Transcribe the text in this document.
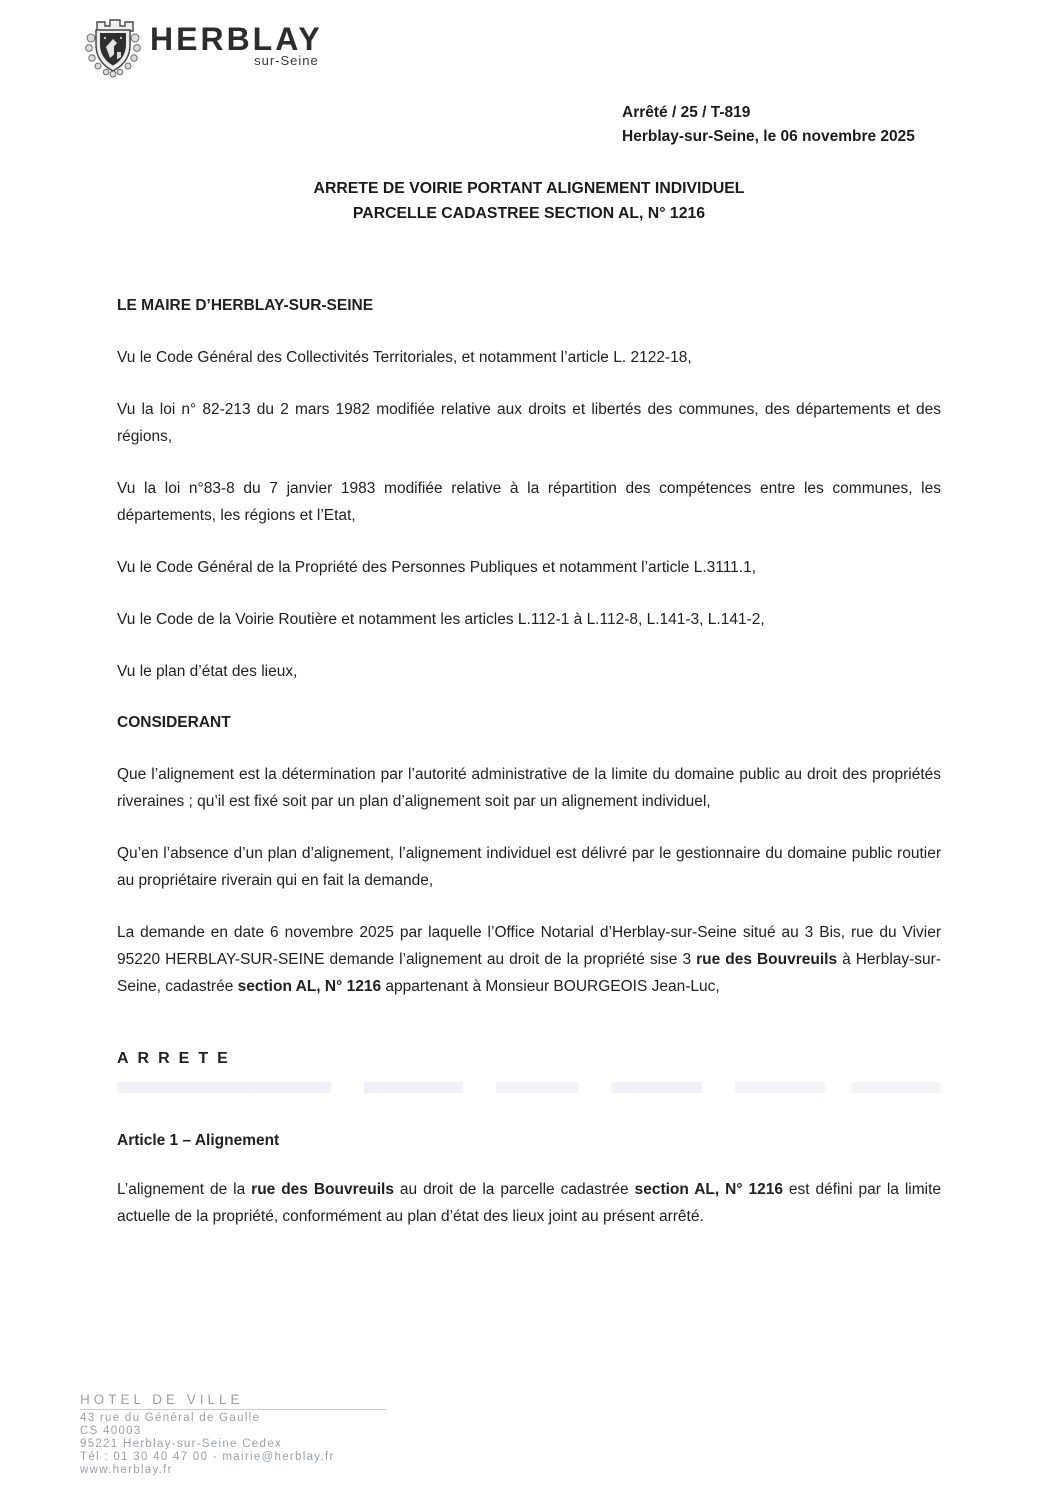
HERBLAY
sur-Seine
Arrêté / 25 / T-819
Herblay-sur-Seine, le 06 novembre 2025
ARRETE DE VOIRIE PORTANT ALIGNEMENT INDIVIDUEL
PARCELLE CADASTREE SECTION AL, N° 1216

LE MAIRE D’HERBLAY-SUR-SEINE

Vu le Code Général des Collectivités Territoriales, et notamment l’article L. 2122-18,

Vu la loi n° 82-213 du 2 mars 1982 modifiée relative aux droits et libertés des communes, des départements et des régions,

Vu la loi n°83-8 du 7 janvier 1983 modifiée relative à la répartition des compétences entre les communes, les départements, les régions et l’Etat,

Vu le Code Général de la Propriété des Personnes Publiques et notamment l’article L.3111.1,

Vu le Code de la Voirie Routière et notamment les articles L.112-1 à L.112-8, L.141-3, L.141-2,

Vu le plan d’état des lieux,

CONSIDERANT

Que l’alignement est la détermination par l’autorité administrative de la limite du domaine public au droit des propriétés riveraines ; qu’il est fixé soit par un plan d’alignement soit par un alignement individuel,

Qu’en l’absence d’un plan d’alignement, l’alignement individuel est délivré par le gestionnaire du domaine public routier au propriétaire riverain qui en fait la demande,

La demande en date 6 novembre 2025 par laquelle l’Office Notarial d’Herblay-sur-Seine situé au 3 Bis, rue du Vivier 95220 HERBLAY-SUR-SEINE demande l’alignement au droit de la propriété sise 3 rue des Bouvreuils à Herblay-sur-Seine, cadastrée section AL, N° 1216 appartenant à Monsieur BOURGEOIS Jean-Luc,

ARRETE

Article 1 – Alignement

L’alignement de la rue des Bouvreuils au droit de la parcelle cadastrée section AL, N° 1216 est défini par la limite actuelle de la propriété, conformément au plan d’état des lieux joint au présent arrêté.

HOTEL DE VILLE
43 rue du Général de Gaulle
CS 40003
95221 Herblay-sur-Seine Cedex
Tél : 01 30 40 47 00 - mairie@herblay.fr
www.herblay.fr
